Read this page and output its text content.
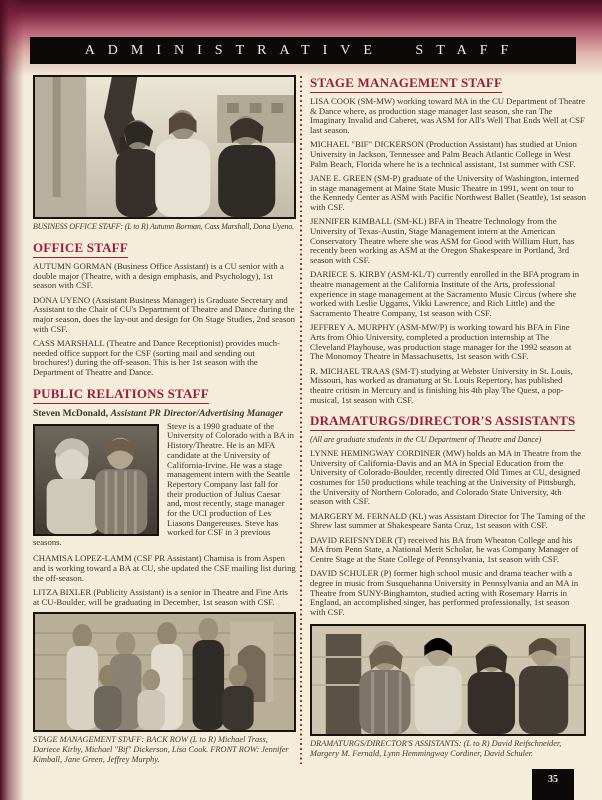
ADMINISTRATIVE STAFF

BUSINESS OFFICE STAFF: (L to R) Autumn Borman, Cass Marshall, Dona Uyeno.

OFFICE STAFF

AUTUMN GORMAN (Business Office Assistant) is a CU senior with a double major (Theatre, with a design emphasis, and Psychology), 1st season with CSF.

DONA UYENO (Assistant Business Manager) is Graduate Secretary and Assistant to the Chair of CU's Department of Theatre and Dance during the major season, does the lay-out and design for On Stage Studies, 2nd season with CSF.

CASS MARSHALL (Theatre and Dance Receptionist) provides much-needed office support for the CSF (sorting mail and sending out brochures!) during the off-season. This is her 1st season with the Department of Theatre and Dance.

PUBLIC RELATIONS STAFF

Steven McDonald, Assistant PR Director/Advertising Manager

Steve is a 1990 graduate of the University of Colorado with a BA in History/Theatre. He is an MFA candidate at the University of California-Irvine. He was a stage management intern with the Seattle Repertory Company last fall for their production of Julius Caesar and, most recently, stage manager for the UCI production of Les Liasons Dangereuses. Steve has worked for CSF in 3 previous seasons.

CHAMISA LOPEZ-LAMM (CSF PR Assistant) Chamisa is from Aspen and is working toward a BA at CU, she updated the CSF mailing list during the off-season.

LITZA BIXLER (Publicity Assistant) is a senior in Theatre and Fine Arts at CU-Boulder, will be graduating in December, 1st season with CSF.

STAGE MANAGEMENT STAFF: BACK ROW (L to R) Michael Trass, Dariece Kirby, Michael "Bif" Dickerson, Lisa Cook. FRONT ROW: Jennifer Kimball, Jane Green, Jeffrey Murphy.

STAGE MANAGEMENT STAFF

LISA COOK (SM-MW) working toward MA in the CU Department of Theatre & Dance where, as production stage manager last season, she ran The Imaginary Invalid and Caberet, was ASM for All's Well That Ends Well at CSF last season.

MICHAEL "BIF" DICKERSON (Production Assistant) has studied at Union University in Jackson, Tennessee and Palm Beach Atlantic College in West Palm Beach, Florida where he is a technical assistant, 1st summer with CSF.

JANE E. GREEN (SM-P) graduate of the University of Washington, interned in stage management at Maine State Music Theatre in 1991, went on tour to the Kennedy Center as ASM with Pacific Northwest Ballet (Seattle), 1st season with CSF.

JENNIFER KIMBALL (SM-KL) BFA in Theatre Technology from the University of Texas-Austin, Stage Management intern at the American Conservatory Theatre where she was ASM for Good with William Hurt, has recently been working as ASM at the Oregon Shakespeare in Portland, 3rd season with CSF.

DARIECE S. KIRBY (ASM-KL/T) currently enrolled in the BFA program in theatre management at the California Institute of the Arts, professional experience in stage management at the Sacramento Music Circus (where she worked with Leslie Uggams, Vikki Lawrence, and Rich Little) and the Sacramento Theatre Company, 1st season with CSF.

JEFFREY A. MURPHY (ASM-MW/P) is working toward his BFA in Fine Arts from Ohio University, completed a production internship at The Cleveland Playhouse, was production stage manager for the 1992 season at The Monomoy Theatre in Massachusetts, 1st season with CSF.

R. MICHAEL TRAAS (SM-T) studying at Webster University in St. Louis, Missouri, has worked as dramaturg at St. Louis Repertory, has published theatre critism in Mercury and is finishing his 4th play The Quest, a pop-musical, 1st season with CSF.

DRAMATURGS/DIRECTOR'S ASSISTANTS

(All are graduate students in the CU Department of Theatre and Dance)

LYNNE HEMINGWAY CORDINER (MW) holds an MA in Theatre from the University of California-Davis and an MA in Special Education from the University of Colorado-Boulder, recently directed Old Times at CU, designed costumes for 150 productions while teaching at the University of Pittsburgh, the University of Northern Colorado, and Colorado State University, 4th season with CSF.

MARGERY M. FERNALD (KL) was Assistant Director for The Taming of the Shrew last summer at Shakespeare Santa Cruz, 1st season with CSF.

DAVID REIFSNYDER (T) received his BA from Wheaton College and his MA from Penn State, a National Merit Scholar, he was Company Manager of Centre Stage at the State College of Pennsylvania, 1st season with CSF.

DAVID SCHULER (P) former high school music and drama teacher with a degree in music from Susquehanna University in Pennsylvania and an MA in Theatre from SUNY-Binghamton, studied acting with Rosemary Harris in England, an accomplished singer, has performed professionally, 1st season with CSF.

DRAMATURGS/DIRECTOR'S ASSISTANTS: (L to R) David Reifschneider, Margery M. Fernald, Lynn Hemmingway Cordiner, David Schuler.

35
